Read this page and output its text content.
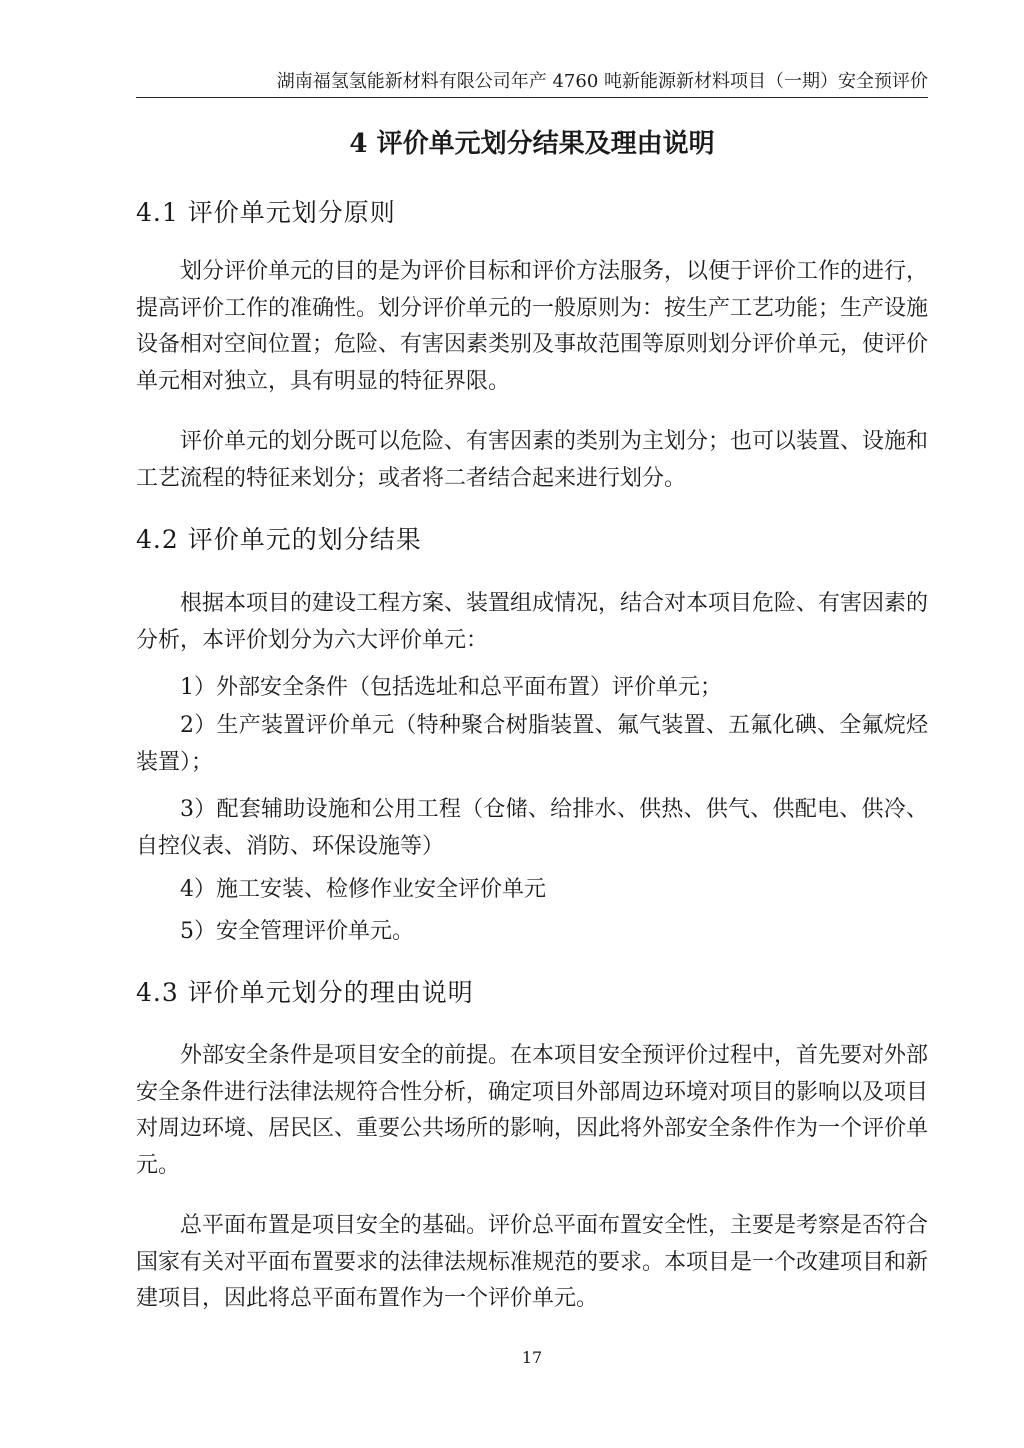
湖南福氢氢能新材料有限公司年产 4760 吨新能源新材料项目（一期）安全预评价
4 评价单元划分结果及理由说明
4.1 评价单元划分原则

划分评价单元的目的是为评价目标和评价方法服务，以便于评价工作的进行，提高评价工作的准确性。划分评价单元的一般原则为：按生产工艺功能；生产设施设备相对空间位置；危险、有害因素类别及事故范围等原则划分评价单元，使评价单元相对独立，具有明显的特征界限。

评价单元的划分既可以危险、有害因素的类别为主划分；也可以装置、设施和工艺流程的特征来划分；或者将二者结合起来进行划分。

4.2 评价单元的划分结果

根据本项目的建设工程方案、装置组成情况，结合对本项目危险、有害因素的分析，本评价划分为六大评价单元：

1）外部安全条件（包括选址和总平面布置）评价单元；

2）生产装置评价单元（特种聚合树脂装置、氟气装置、五氟化碘、全氟烷烃装置）；

3）配套辅助设施和公用工程（仓储、给排水、供热、供气、供配电、供冷、自控仪表、消防、环保设施等）

4）施工安装、检修作业安全评价单元

5）安全管理评价单元。

4.3 评价单元划分的理由说明

外部安全条件是项目安全的前提。在本项目安全预评价过程中，首先要对外部安全条件进行法律法规符合性分析，确定项目外部周边环境对项目的影响以及项目对周边环境、居民区、重要公共场所的影响，因此将外部安全条件作为一个评价单元。

总平面布置是项目安全的基础。评价总平面布置安全性，主要是考察是否符合国家有关对平面布置要求的法律法规标准规范的要求。本项目是一个改建项目和新建项目，因此将总平面布置作为一个评价单元。

17
